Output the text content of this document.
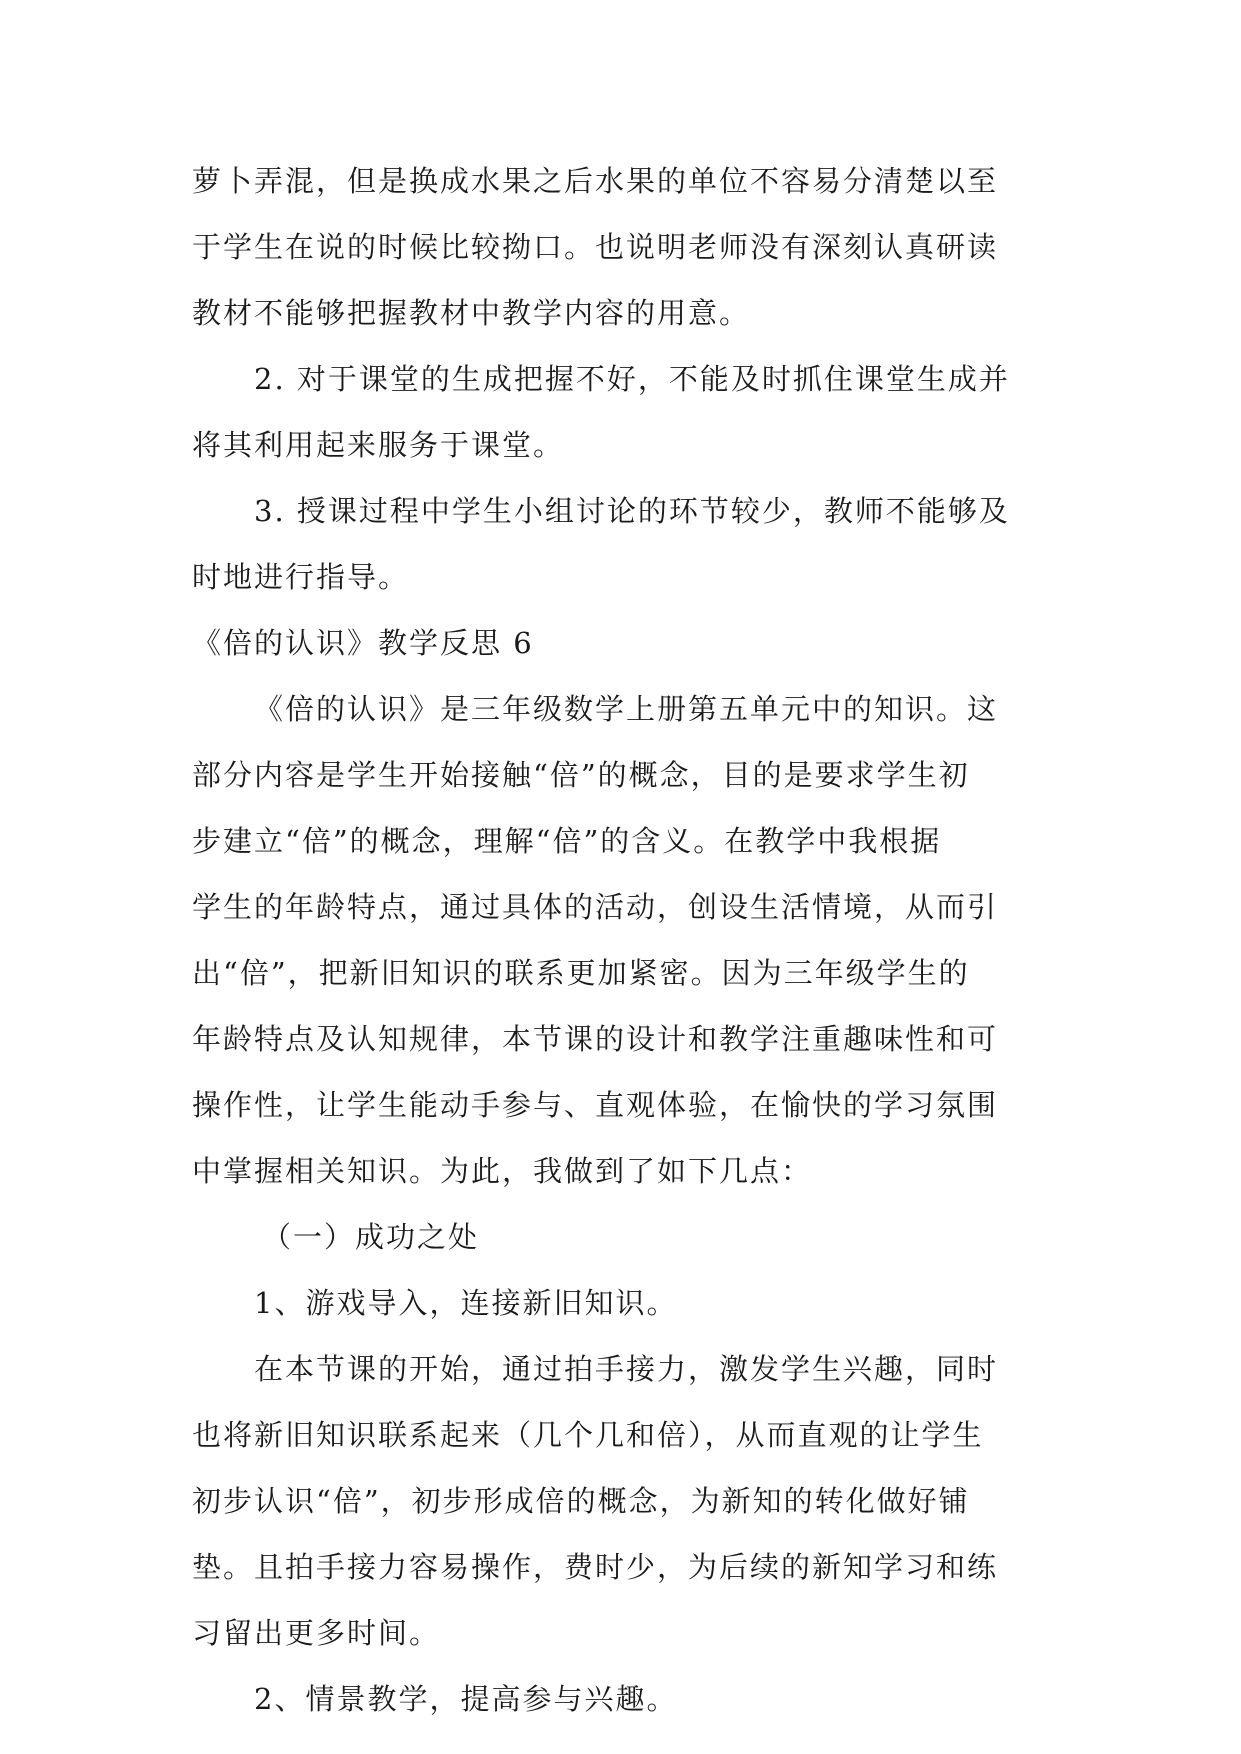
萝卜弄混，但是换成水果之后水果的单位不容易分清楚以至
于学生在说的时候比较拗口。也说明老师没有深刻认真研读
教材不能够把握教材中教学内容的用意。
2. 对于课堂的生成把握不好，不能及时抓住课堂生成并
将其利用起来服务于课堂。
3. 授课过程中学生小组讨论的环节较少，教师不能够及
时地进行指导。
《倍的认识》教学反思 6
《倍的认识》是三年级数学上册第五单元中的知识。这
部分内容是学生开始接触“倍”的概念，目的是要求学生初
步建立“倍”的概念，理解“倍”的含义。在教学中我根据
学生的年龄特点，通过具体的活动，创设生活情境，从而引
出“倍”，把新旧知识的联系更加紧密。因为三年级学生的
年龄特点及认知规律，本节课的设计和教学注重趣味性和可
操作性，让学生能动手参与、直观体验，在愉快的学习氛围
中掌握相关知识。为此，我做到了如下几点：
（一）成功之处
1、游戏导入，连接新旧知识。
在本节课的开始，通过拍手接力，激发学生兴趣，同时
也将新旧知识联系起来（几个几和倍），从而直观的让学生
初步认识“倍”，初步形成倍的概念，为新知的转化做好铺
垫。且拍手接力容易操作，费时少，为后续的新知学习和练
习留出更多时间。
2、情景教学，提高参与兴趣。
